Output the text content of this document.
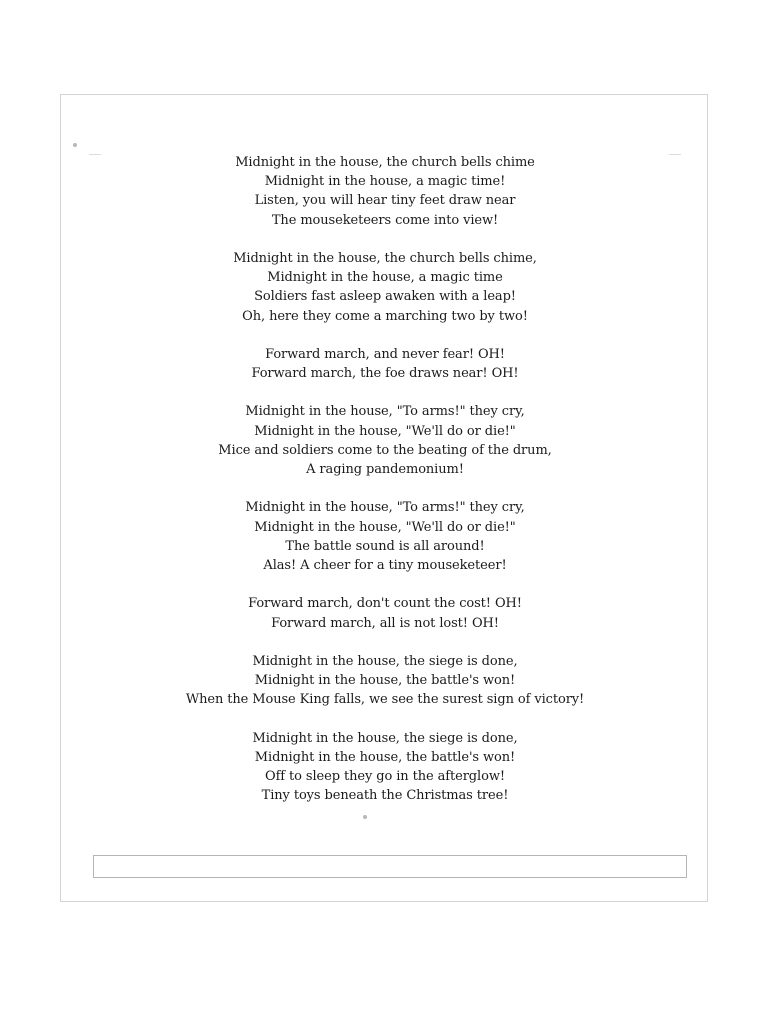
Midnight in the house, the church bells chime
Midnight in the house, a magic time!
Listen, you will hear tiny feet draw near
The mouseketeers come into view!
Midnight in the house, the church bells chime,
Midnight in the house, a magic time
Soldiers fast asleep awaken with a leap!
Oh, here they come a marching two by two!
Forward march, and never fear! OH!
Forward march, the foe draws near! OH!
Midnight in the house, "To arms!" they cry,
Midnight in the house, "We'll do or die!"
Mice and soldiers come to the beating of the drum,
A raging pandemonium!
Midnight in the house, "To arms!" they cry,
Midnight in the house, "We'll do or die!"
The battle sound is all around!
Alas! A cheer for a tiny mouseketeer!
Forward march, don't count the cost! OH!
Forward march, all is not lost! OH!
Midnight in the house, the siege is done,
Midnight in the house, the battle's won!
When the Mouse King falls, we see the surest sign of victory!
Midnight in the house, the siege is done,
Midnight in the house, the battle's won!
Off to sleep they go in the afterglow!
Tiny toys beneath the Christmas tree!
